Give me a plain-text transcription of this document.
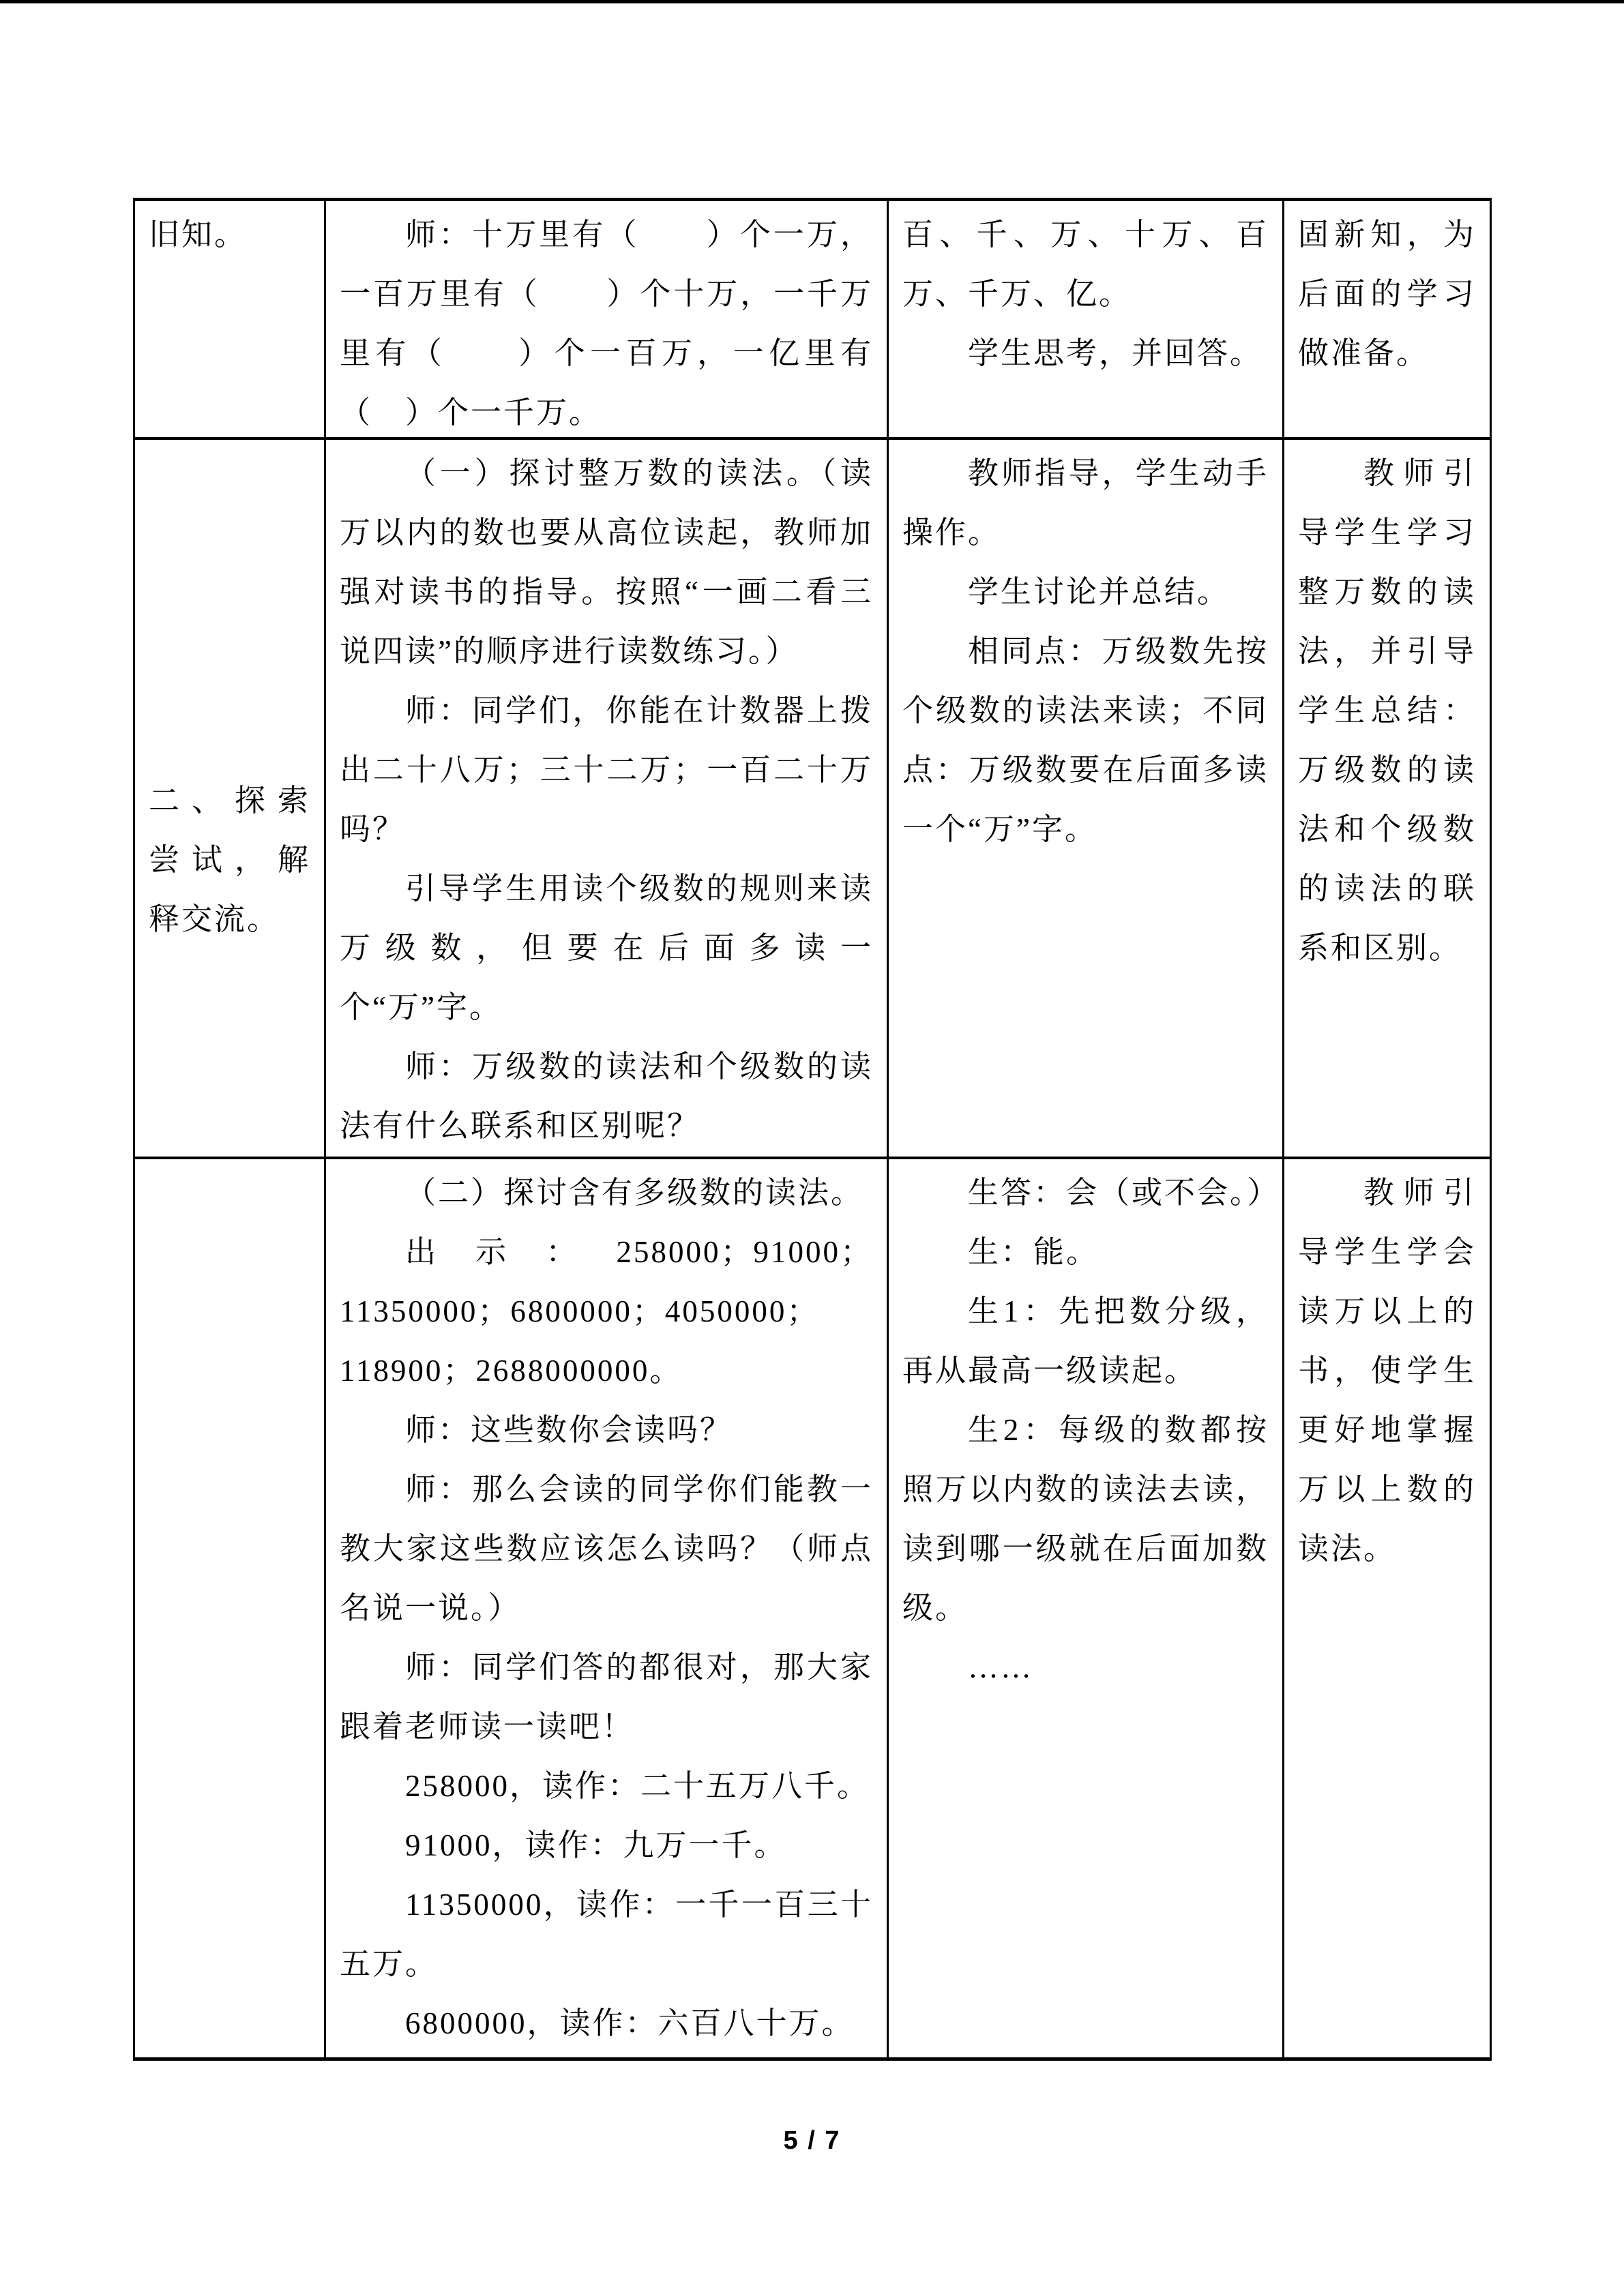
旧知。	师：十万里有（　　）个一万，一百万里有（　　）个十万，一千万里有（　　）个一百万，一亿里有（　）个一千万。

百、千、万、十万、百万、千万、亿。

学生思考，并回答。

固新知，为后面的学习做准备。

二、探索尝试，解释交流。

（一）探讨整万数的读法。（读万以内的数也要从高位读起，教师加强对读书的指导。按照“一画二看三说四读”的顺序进行读数练习。）

师：同学们，你能在计数器上拨出二十八万；三十二万；一百二十万吗？

引导学生用读个级数的规则来读万级数，但要在后面多读一个“万”字。

师：万级数的读法和个级数的读法有什么联系和区别呢？

教师指导，学生动手操作。

学生讨论并总结。

相同点：万级数先按个级数的读法来读；不同点：万级数要在后面多读一个“万”字。

教师引导学生学习整万数的读法，并引导学生总结：万级数的读法和个级数的读法的联系和区别。

（二）探讨含有多级数的读法。

出示：258000；91000；11350000；6800000；4050000；118900；2688000000。

师：这些数你会读吗？

师：那么会读的同学你们能教一教大家这些数应该怎么读吗？（师点名说一说。）

师：同学们答的都很对，那大家跟着老师读一读吧！

258000，读作：二十五万八千。

91000，读作：九万一千。

11350000，读作：一千一百三十五万。

6800000，读作：六百八十万。

生答：会（或不会。）

生：能。

生1：先把数分级，再从最高一级读起。

生2：每级的数都按照万以内数的读法去读，读到哪一级就在后面加数级。

……

教师引导学生学会读万以上的书，使学生更好地掌握万以上数的读法。

5 / 7
